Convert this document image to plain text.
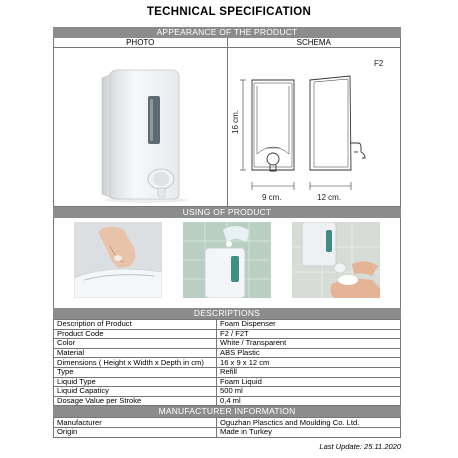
TECHNICAL SPECIFICATION
APPEARANCE OF THE PRODUCT
PHOTO	SCHEMA
F2
16 cm.
9 cm.	12 cm.
USING OF PRODUCT
DESCRIPTIONS
Description of Product	Foam Dispenser
Product Code	F2 / F2T
Color	White / Transparent
Material	ABS Plastic
Dimensions ( Height x Width x Depth in cm)	16 x 9 x 12 cm
Type	Refill
Liquid Type	Foam Liquid
Liquid Capaticy	500 ml
Dosage Value per Stroke	0,4 ml
MANUFACTURER INFORMATION
Manufacturer	Oguzhan Plasctics and Moulding Co. Ltd.
Origin	Made in Turkey
Last Update: 25.11.2020
